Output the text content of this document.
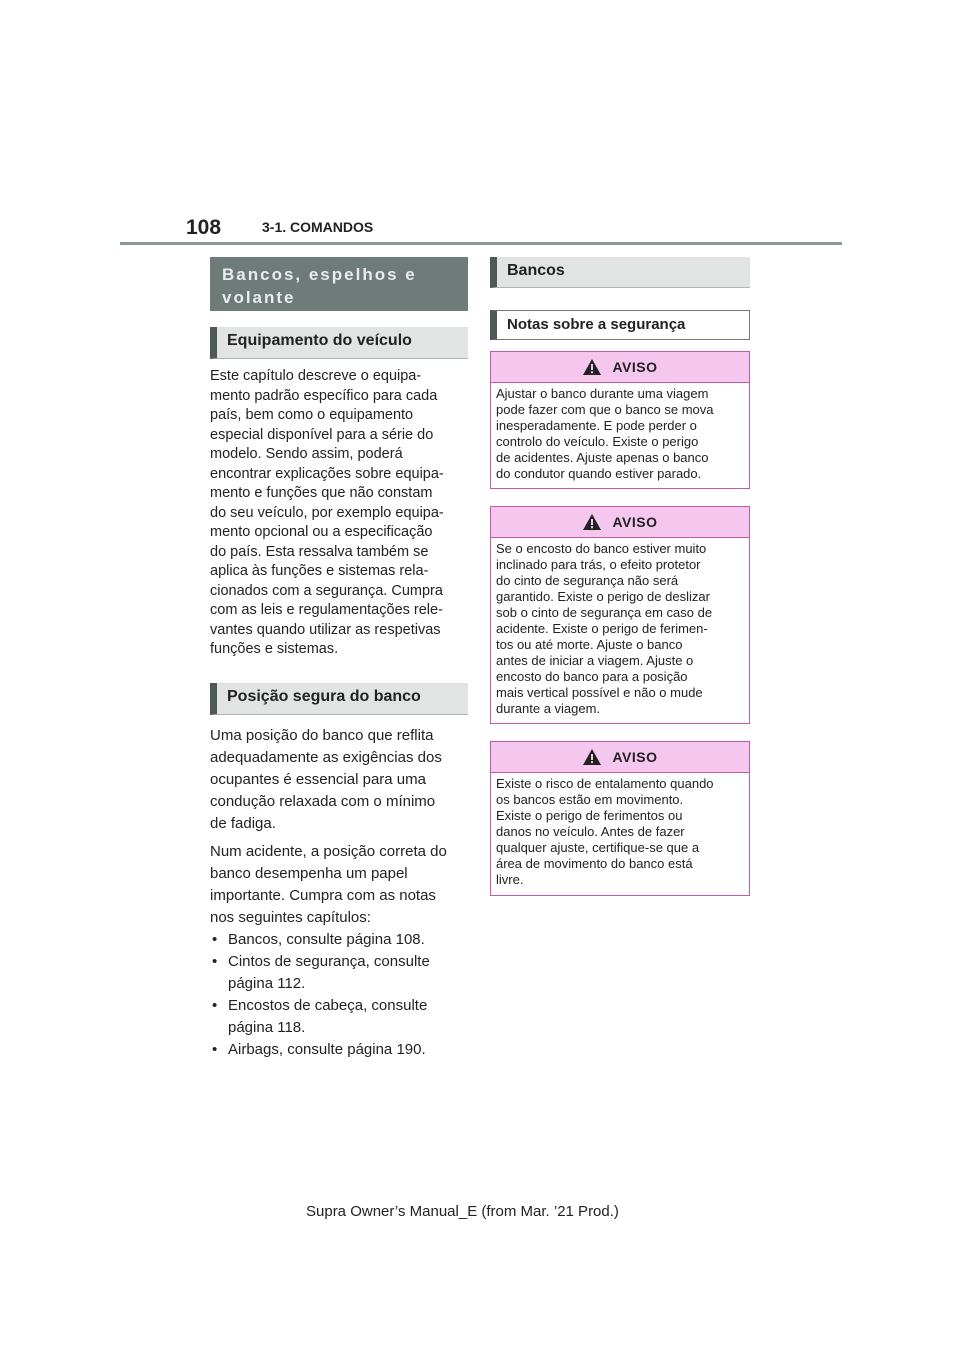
108	3-1. COMANDOS
Bancos, espelhos e volante
Equipamento do veículo
Este capítulo descreve o equipa-
mento padrão específico para cada
país, bem como o equipamento
especial disponível para a série do
modelo. Sendo assim, poderá
encontrar explicações sobre equipa-
mento e funções que não constam
do seu veículo, por exemplo equipa-
mento opcional ou a especificação
do país. Esta ressalva também se
aplica às funções e sistemas rela-
cionados com a segurança. Cumpra
com as leis e regulamentações rele-
vantes quando utilizar as respetivas
funções e sistemas.
Posição segura do banco
Uma posição do banco que reflita
adequadamente as exigências dos
ocupantes é essencial para uma
condução relaxada com o mínimo
de fadiga.
Num acidente, a posição correta do
banco desempenha um papel
importante. Cumpra com as notas
nos seguintes capítulos:
• Bancos, consulte página 108.
• Cintos de segurança, consulte
página 112.
• Encostos de cabeça, consulte
página 118.
• Airbags, consulte página 190.
Bancos
Notas sobre a segurança
AVISO
Ajustar o banco durante uma viagem
pode fazer com que o banco se mova
inesperadamente. E pode perder o
controlo do veículo. Existe o perigo
de acidentes. Ajuste apenas o banco
do condutor quando estiver parado.
AVISO
Se o encosto do banco estiver muito
inclinado para trás, o efeito protetor
do cinto de segurança não será
garantido. Existe o perigo de deslizar
sob o cinto de segurança em caso de
acidente. Existe o perigo de ferimen-
tos ou até morte. Ajuste o banco
antes de iniciar a viagem. Ajuste o
encosto do banco para a posição
mais vertical possível e não o mude
durante a viagem.
AVISO
Existe o risco de entalamento quando
os bancos estão em movimento.
Existe o perigo de ferimentos ou
danos no veículo. Antes de fazer
qualquer ajuste, certifique-se que a
área de movimento do banco está
livre.
Supra Owner’s Manual_E (from Mar. ’21 Prod.)
